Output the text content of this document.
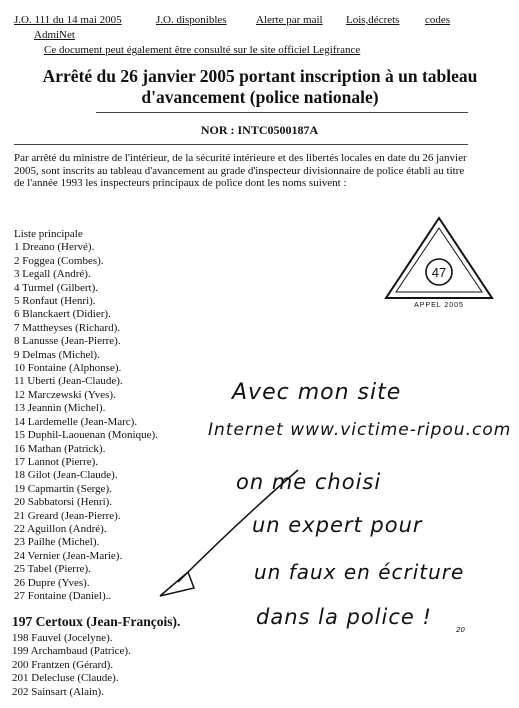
J.O. 111 du 14 mai 2005	J.O. disponibles	Alerte par mail Lois,décrets codes
AdmiNet
Ce document peut également être consulté sur le site officiel Legifrance
Arrêté du 26 janvier 2005 portant inscription à un tableau
d'avancement (police nationale)
NOR : INTC0500187A
Par arrêté du ministre de l'intérieur, de la sécurité intérieure et des libertés locales en date du 26 janvier 2005, sont inscrits au tableau d'avancement au grade d'inspecteur divisionnaire de police établi au titre de l'année 1993 les inspecteurs principaux de police dont les noms suivent :
Liste principale
1 Dreano (Hervé).
2 Foggea (Combes).
3 Legall (André).
4 Turmel (Gilbert).
5 Ronfaut (Henri).
6 Blanckaert (Didier).
7 Mattheyses (Richard).
8 Lanusse (Jean-Pierre).
9 Delmas (Michel).
10 Fontaine (Alphonse).
11 Uberti (Jean-Claude).
12 Marczewski (Yves).
13 Jeannin (Michel).
14 Lardemelle (Jean-Marc).
15 Duphil-Laouenan (Monique).
16 Mathan (Patrick).
17 Lannot (Pierre).
18 Gilot (Jean-Claude).
19 Capmartin (Serge).
20 Sabbatorsi (Henri).
21 Greard (Jean-Pierre).
22 Aguillon (André).
23 Pailhe (Michel).
24 Vernier (Jean-Marie).
25 Tabel (Pierre).
26 Dupre (Yves).
27 Fontaine (Daniel)..
197 Certoux (Jean-François).
198 Fauvel (Jocelyne).
199 Archambaud (Patrice).
200 Frantzen (Gérard).
201 Delecluse (Claude).
202 Sainsart (Alain).
47
APPEL 2005
Avec mon site
Internet www.victime-ripou.com
on me choisi
un expert pour
un faux en écriture
dans la police !
20
